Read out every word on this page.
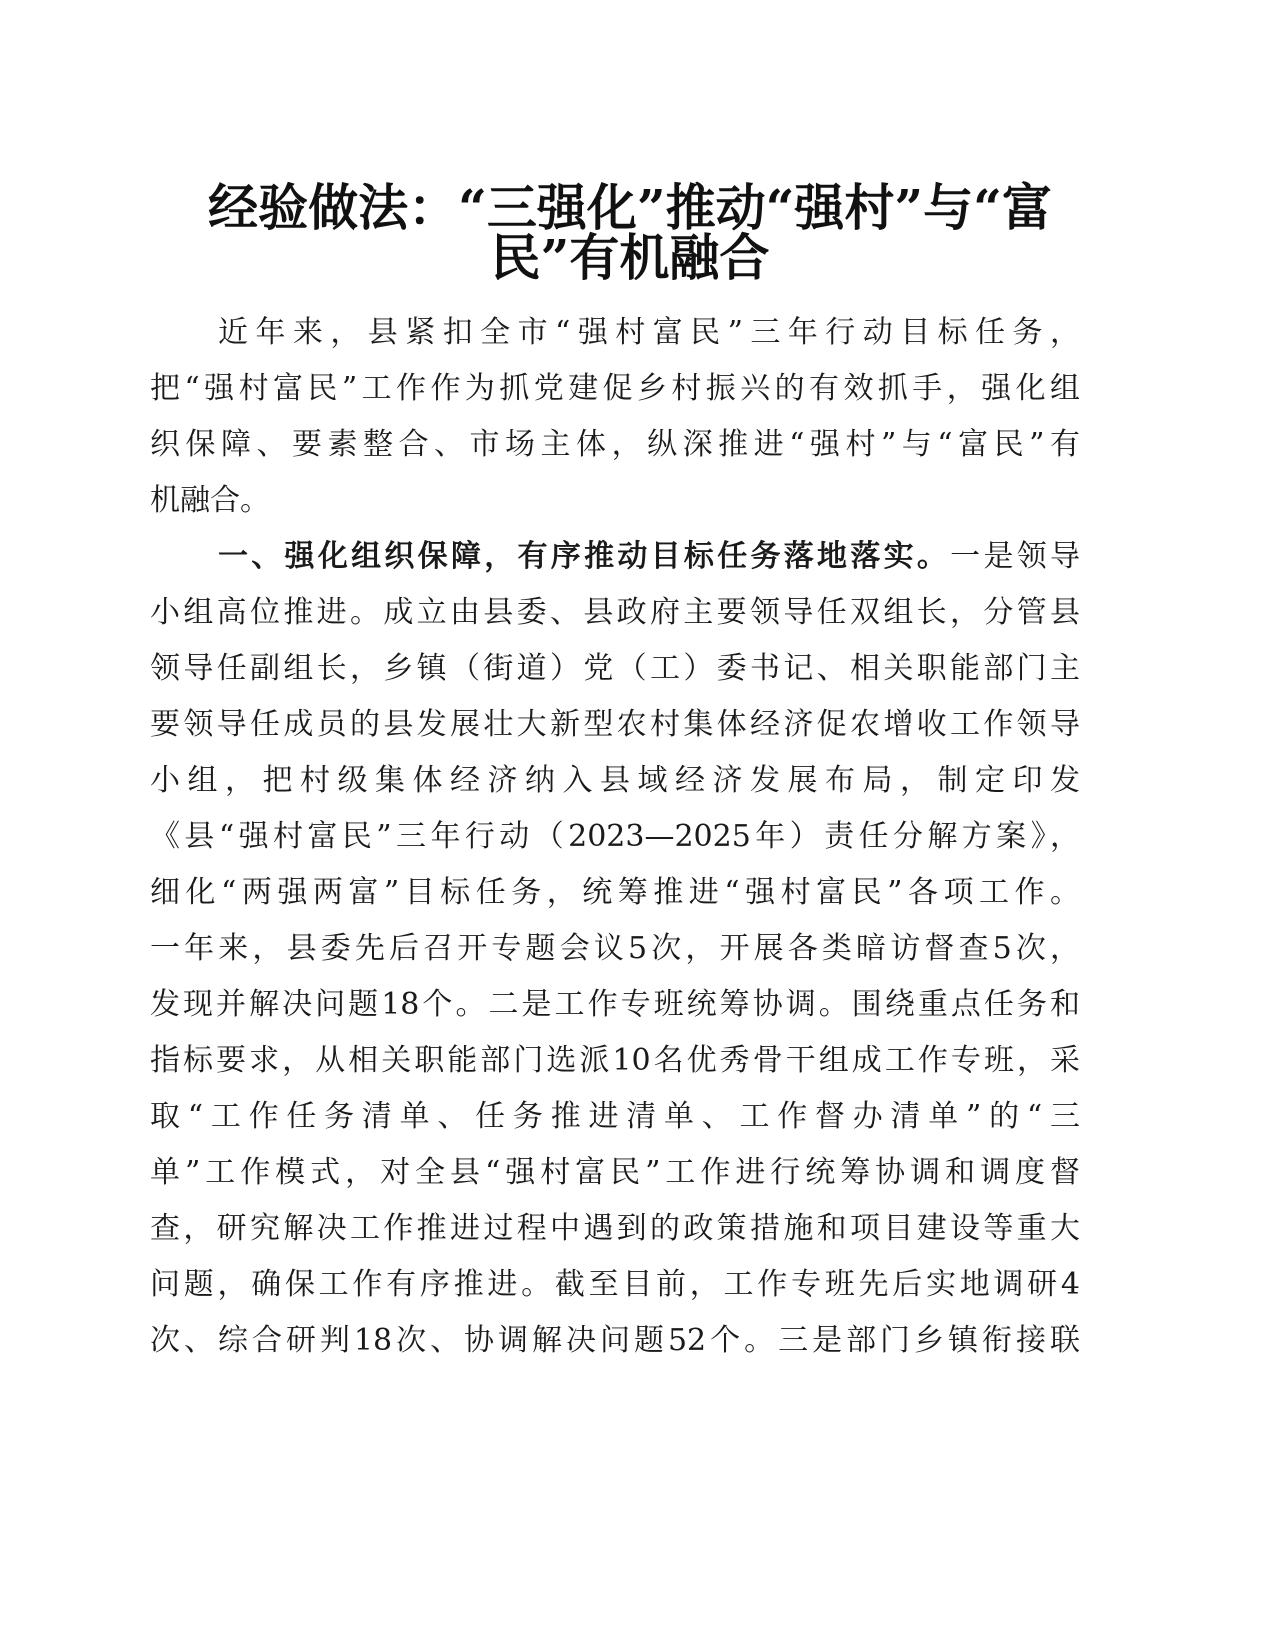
经验做法：“三强化”推动“强村”与“富
民”有机融合
近年来，县紧扣全市“强村富民”三年行动目标任务，
把“强村富民”工作作为抓党建促乡村振兴的有效抓手，强化组
织保障、要素整合、市场主体，纵深推进“强村”与“富民”有
机融合。
一、强化组织保障，有序推动目标任务落地落实。一是领导
小组高位推进。成立由县委、县政府主要领导任双组长，分管县
领导任副组长，乡镇（街道）党（工）委书记、相关职能部门主
要领导任成员的县发展壮大新型农村集体经济促农增收工作领导
小组，把村级集体经济纳入县域经济发展布局，制定印发
《县“强村富民”三年行动（2023—2025年）责任分解方案》，
细化“两强两富”目标任务，统筹推进“强村富民”各项工作。
一年来，县委先后召开专题会议5次，开展各类暗访督查5次，
发现并解决问题18个。二是工作专班统筹协调。围绕重点任务和
指标要求，从相关职能部门选派10名优秀骨干组成工作专班，采
取“工作任务清单、任务推进清单、工作督办清单”的“三
单”工作模式，对全县“强村富民”工作进行统筹协调和调度督
查，研究解决工作推进过程中遇到的政策措施和项目建设等重大
问题，确保工作有序推进。截至目前，工作专班先后实地调研4
次、综合研判18次、协调解决问题52个。三是部门乡镇衔接联
